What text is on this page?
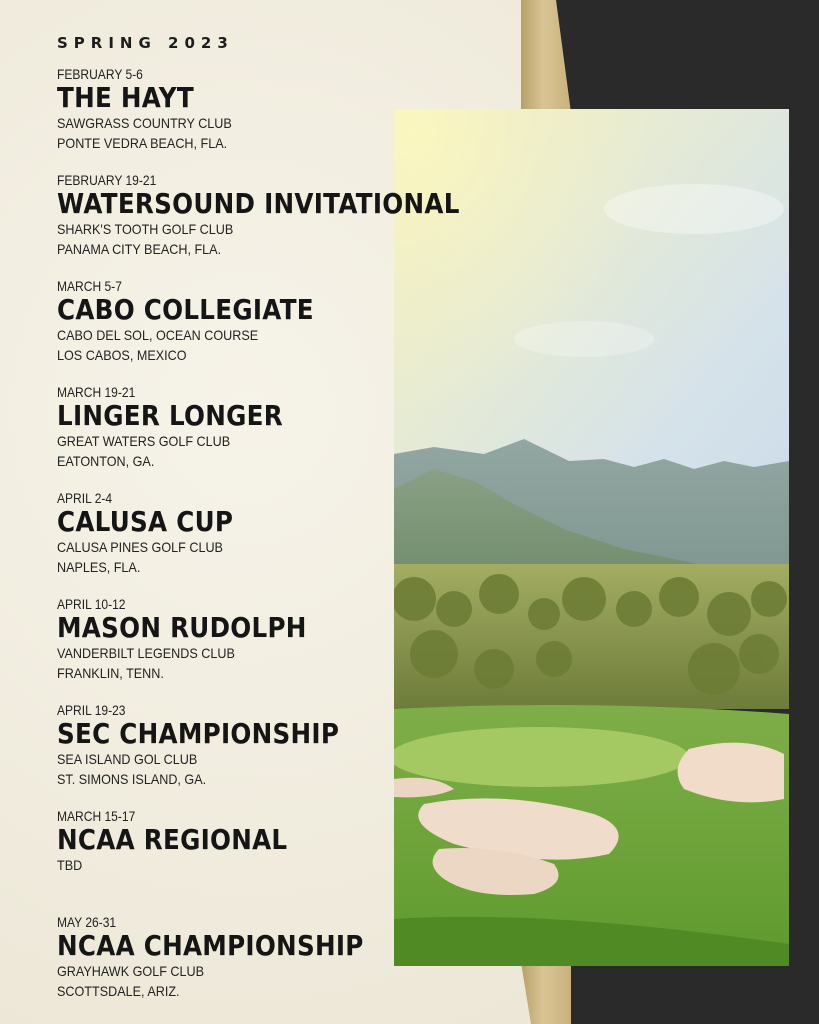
SPRING 2023
FEBRUARY 5-6
THE HAYT
SAWGRASS COUNTRY CLUB
PONTE VEDRA BEACH, FLA.
FEBRUARY 19-21
WATERSOUND INVITATIONAL
SHARK'S TOOTH GOLF CLUB
PANAMA CITY BEACH, FLA.
MARCH 5-7
CABO COLLEGIATE
CABO DEL SOL, OCEAN COURSE
LOS CABOS, MEXICO
MARCH 19-21
LINGER LONGER
GREAT WATERS GOLF CLUB
EATONTON, GA.
APRIL 2-4
CALUSA CUP
CALUSA PINES GOLF CLUB
NAPLES, FLA.
APRIL 10-12
MASON RUDOLPH
VANDERBILT LEGENDS CLUB
FRANKLIN, TENN.
APRIL 19-23
SEC CHAMPIONSHIP
SEA ISLAND GOL CLUB
ST. SIMONS ISLAND, GA.
MARCH 15-17
NCAA REGIONAL
TBD
MAY 26-31
NCAA CHAMPIONSHIP
GRAYHAWK GOLF CLUB
SCOTTSDALE, ARIZ.
